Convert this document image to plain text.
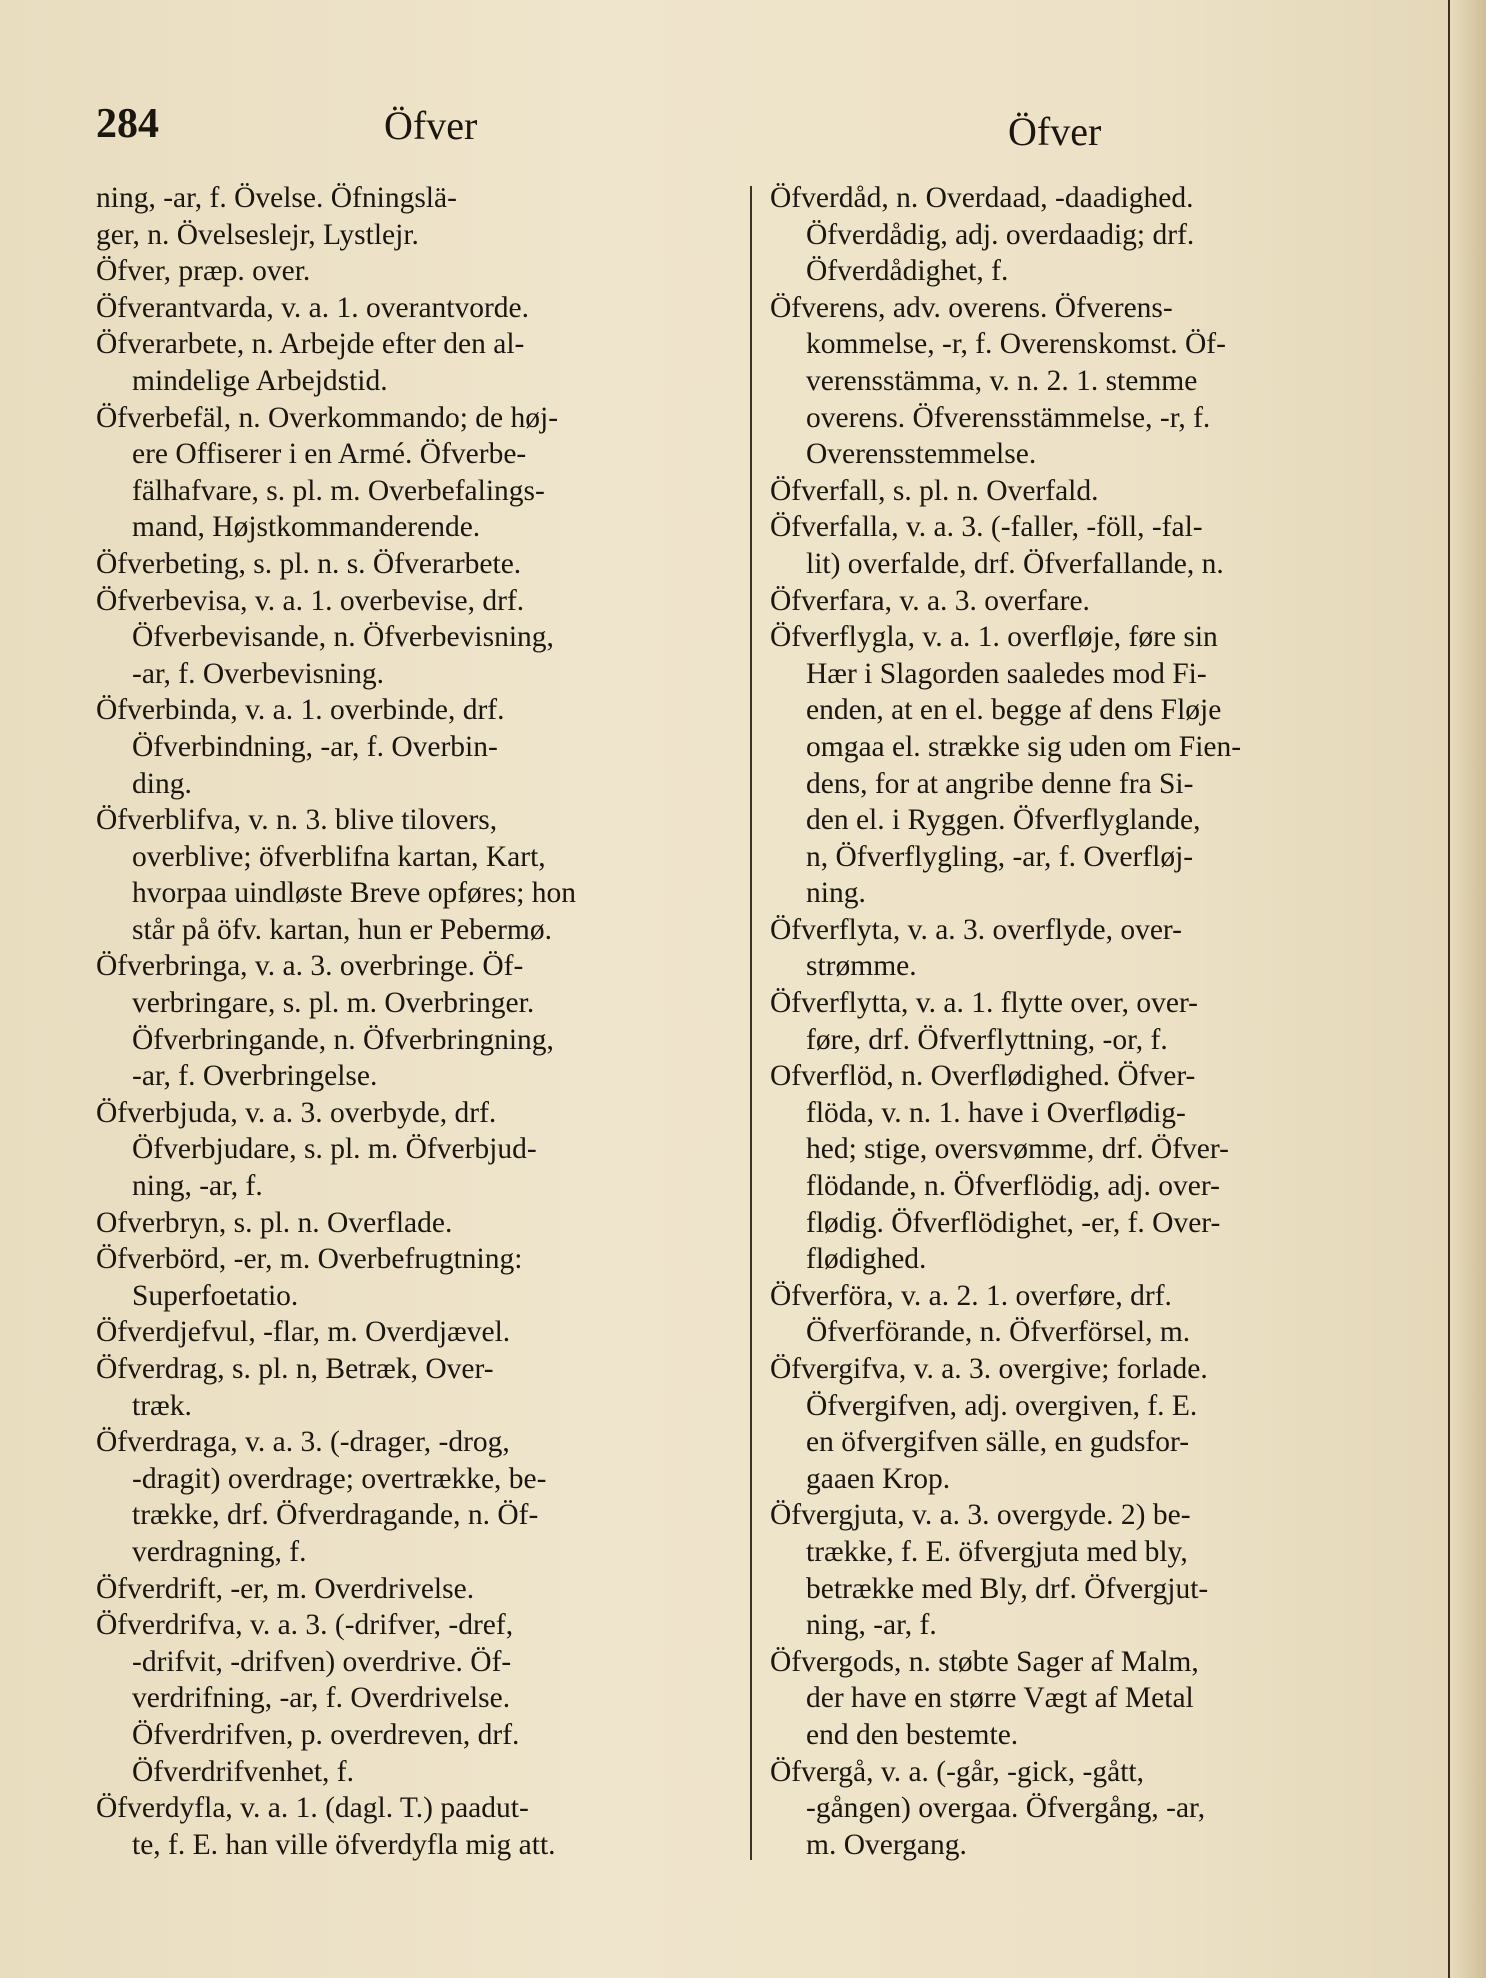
284	Öfver	Öfver
ning, -ar, f. Övelse. Öfningslä-
ger, n. Övelseslejr, Lystlejr.
Öfver, præp. over.
Öfverantvarda, v. a. 1. overantvorde.
Öfverarbete, n. Arbejde efter den al-
mindelige Arbejdstid.
Öfverbefäl, n. Overkommando; de høj-
ere Offiserer i en Armé. Öfverbe-
fälhafvare, s. pl. m. Overbefalings-
mand, Højstkommanderende.
Öfverbeting, s. pl. n. s. Öfverarbete.
Öfverbevisa, v. a. 1. overbevise, drf.
Öfverbevisande, n. Öfverbevisning,
-ar, f. Overbevisning.
Öfverbinda, v. a. 1. overbinde, drf.
Öfverbindning, -ar, f. Overbin-
ding.
Öfverblifva, v. n. 3. blive tilovers,
overblive; öfverblifna kartan, Kart,
hvorpaa uindløste Breve opføres; hon
står på öfv. kartan, hun er Pebermø.
Öfverbringa, v. a. 3. overbringe. Öf-
verbringare, s. pl. m. Overbringer.
Öfverbringande, n. Öfverbringning,
-ar, f. Overbringelse.
Öfverbjuda, v. a. 3. overbyde, drf.
Öfverbjudare, s. pl. m. Öfverbjud-
ning, -ar, f.
Ofverbryn, s. pl. n. Overflade.
Öfverbörd, -er, m. Overbefrugtning:
Superfoetatio.
Öfverdjefvul, -flar, m. Overdjævel.
Öfverdrag, s. pl. n, Betræk, Over-
træk.
Öfverdraga, v. a. 3. (-drager, -drog,
-dragit) overdrage; overtrække, be-
trække, drf. Öfverdragande, n. Öf-
verdragning, f.
Öfverdrift, -er, m. Overdrivelse.
Öfverdrifva, v. a. 3. (-drifver, -dref,
-drifvit, -drifven) overdrive. Öf-
verdrifning, -ar, f. Overdrivelse.
Öfverdrifven, p. overdreven, drf.
Öfverdrifvenhet, f.
Öfverdyfla, v. a. 1. (dagl. T.) paadut-
te, f. E. han ville öfverdyfla mig att.
Öfverdåd, n. Overdaad, -daadighed.
Öfverdådig, adj. overdaadig; drf.
Öfverdådighet, f.
Öfverens, adv. overens. Öfverens-
kommelse, -r, f. Overenskomst. Öf-
verensstämma, v. n. 2. 1. stemme
overens. Öfverensstämmelse, -r, f.
Overensstemmelse.
Öfverfall, s. pl. n. Overfald.
Öfverfalla, v. a. 3. (-faller, -föll, -fal-
lit) overfalde, drf. Öfverfallande, n.
Öfverfara, v. a. 3. overfare.
Öfverflygla, v. a. 1. overfløje, føre sin
Hær i Slagorden saaledes mod Fi-
enden, at en el. begge af dens Fløje
omgaa el. strække sig uden om Fien-
dens, for at angribe denne fra Si-
den el. i Ryggen. Öfverflyglande,
n, Öfverflygling, -ar, f. Overfløj-
ning.
Öfverflyta, v. a. 3. overflyde, over-
strømme.
Öfverflytta, v. a. 1. flytte over, over-
føre, drf. Öfverflyttning, -or, f.
Ofverflöd, n. Overflødighed. Öfver-
flöda, v. n. 1. have i Overflødig-
hed; stige, oversvømme, drf. Öfver-
flödande, n. Öfverflödig, adj. over-
flødig. Öfverflödighet, -er, f. Over-
flødighed.
Öfverföra, v. a. 2. 1. overføre, drf.
Öfverförande, n. Öfverförsel, m.
Öfvergifva, v. a. 3. overgive; forlade.
Öfvergifven, adj. overgiven, f. E.
en öfvergifven sälle, en gudsfor-
gaaen Krop.
Öfvergjuta, v. a. 3. overgyde. 2) be-
trække, f. E. öfvergjuta med bly,
betrække med Bly, drf. Öfvergjut-
ning, -ar, f.
Öfvergods, n. støbte Sager af Malm,
der have en større Vægt af Metal
end den bestemte.
Öfvergå, v. a. (-går, -gick, -gått,
-gången) overgaa. Öfvergång, -ar,
m. Overgang.
